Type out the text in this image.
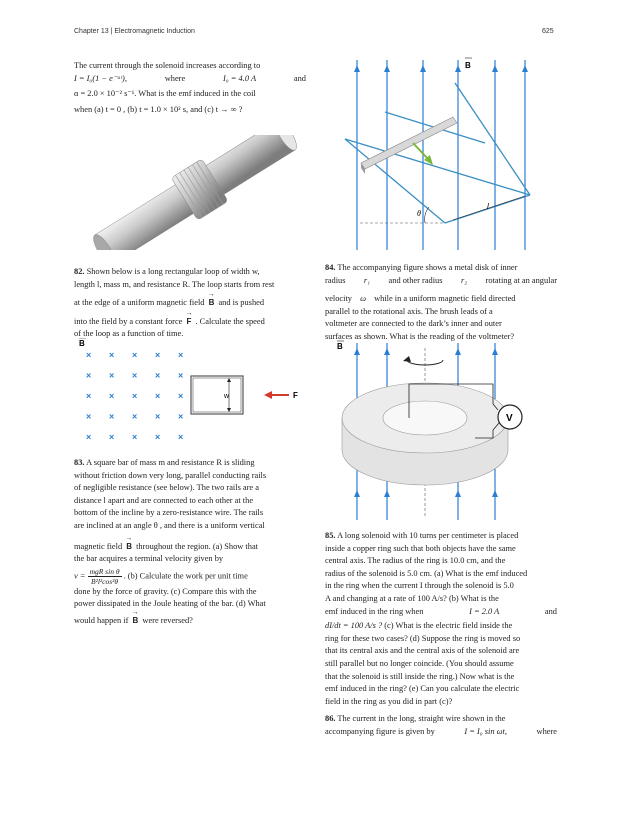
Chapter 13 | Electromagnetic Induction	625

The current through the solenoid increases according to

I = I₀(1 − e⁻ᵃᵗ),	where	I₀ = 4.0 A	and

α = 2.0 × 10⁻² s⁻¹. What is the emf induced in the coil

when (a) t = 0 , (b) t = 1.0 × 10² s, and (c) t → ∞ ?

82. Shown below is a long rectangular loop of width w,

length l, mass m, and resistance R. The loop starts from rest

at the edge of a uniform magnetic field → B and is pushed

into the field by a constant force → F . Calculate the speed

of the loop as a function of time.

B
× × × × ×
× × × × ×
× × × × ×
× × × × ×
× × × × ×
w	F

83. A square bar of mass m and resistance R is sliding

without friction down very long, parallel conducting rails

of negligible resistance (see below). The two rails are a

distance l apart and are connected to each other at the

bottom of the incline by a zero-resistance wire. The rails

are inclined at an angle θ , and there is a uniform vertical

magnetic field → B throughout the region. (a) Show that

the bar acquires a terminal velocity given by

$v = \frac{\text{mgR sin θ}}{\text{B²l²cos²θ}}$ . (b) Calculate the work per unit time

done by the force of gravity. (c) Compare this with the

power dissipated in the Joule heating of the bar. (d) What

would happen if → B were reversed?

B
θ
l

84. The accompanying figure shows a metal disk of inner

radius r₁ and other radius r₂ rotating at an angular

velocity ω while in a uniform magnetic field directed

parallel to the rotational axis. The brush leads of a

voltmeter are connected to the dark’s inner and outer

surfaces as shown. What is the reading of the voltmeter?

B
V

85. A long solenoid with 10 turns per centimeter is placed

inside a copper ring such that both objects have the same

central axis. The radius of the ring is 10.0 cm, and the

radius of the solenoid is 5.0 cm. (a) What is the emf induced

in the ring when the current I through the solenoid is 5.0

A and changing at a rate of 100 A/s? (b) What is the

emf induced in the ring when	I = 2.0 A	and

dI/dt = 100 A/s ? (c) What is the electric field inside the

ring for these two cases? (d) Suppose the ring is moved so

that its central axis and the central axis of the solenoid are

still parallel but no longer coincide. (You should assume

that the solenoid is still inside the ring.) Now what is the

emf induced in the ring? (e) Can you calculate the electric

field in the ring as you did in part (c)?

86. The current in the long, straight wire shown in the

accompanying figure is given by	I = I₀ sin ωt,	where
